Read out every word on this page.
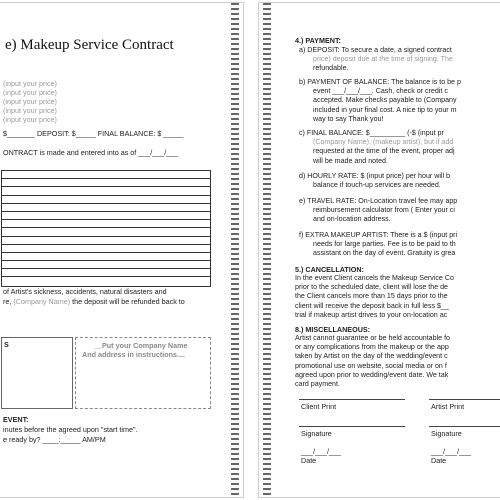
e) Makeup Service Contract
(input your price)
(input your price)
(input your price)
(input your price)
(input your price)
$_______ DEPOSIT: $_____ FINAL BALANCE: $ _____
ONTRACT is made and entered into as of ___/___/___
of Artist's sickness, accidents, natural disasters and
re, (Company Name) the deposit will be refunded back to
S	__Put your Company Name
And address in instructions....
EVENT:
inutes before the agreed upon "start time".
e ready by? ____:_____ AM/PM
4.) PAYMENT:
a) DEPOSIT: To secure a date, a signed contract
price) deposit due at the time of signing. The
refundable.
b) PAYMENT OF BALANCE: The balance is to be p
event ___/___/___. Cash, check or credit c
accepted. Make checks payable to (Company
included in your final cost. A nice tip to your m
way to say Thank you!
c) FINAL BALANCE: $_________ (-$ (input pr
(Company Name), (makeup artist), but if add
requested at the time of the event, proper adj
will be made and noted.
d) HOURLY RATE: $ (input price) per hour will b
balance if touch-up services are needed.
e) TRAVEL RATE: On-Location travel fee may app
reimbursement calculator from ( Enter your ci
and on-location address.
f) EXTRA MAKEUP ARTIST: There is a $ (input pri
needs for large parties. Fee is to be paid to th
assistant on the day of event. Gratuity is grea
5.) CANCELLATION:
In the event Client cancels the Makeup Service Co
prior to the scheduled date, client will lose the de
the Client cancels more than 15 days prior to the
client will receive the deposit back in full less $__
trial if makeup artist drives to your on-location ac
8.) MISCELLANEOUS:
Artist cannot guarantee or be held accountable fo
or any complications from the makeup or the app
taken by Artist on the day of the wedding/event c
promotional use on website, social media or on f
agreed upon prior to wedding/event date. We tak
card payment.
Client Print	Artist Print
Signature	Signature
___/___/___	___/___/___
Date	Date
